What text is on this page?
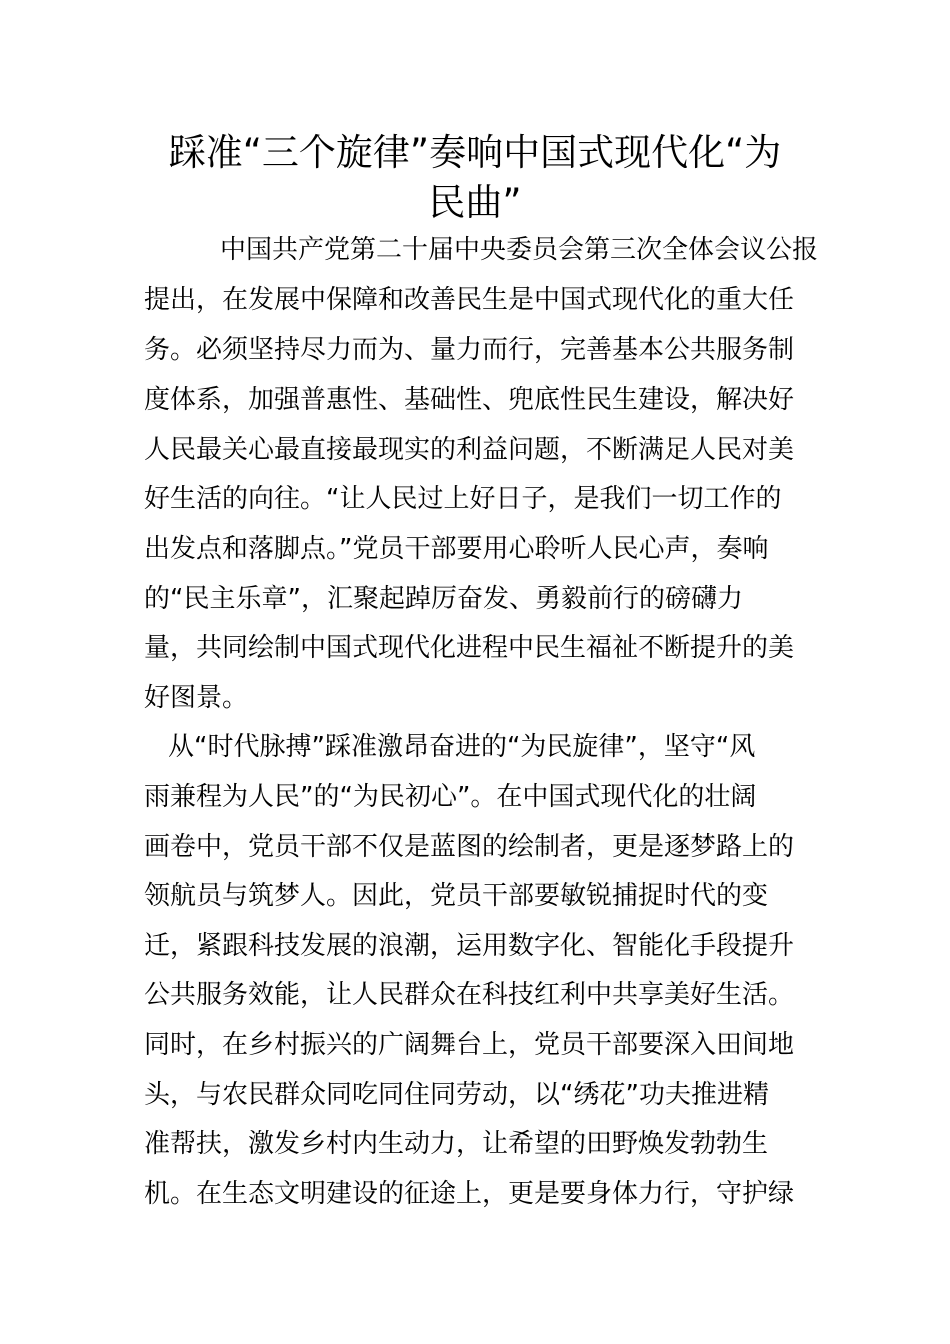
踩准“三个旋律”奏响中国式现代化“为
民曲”
中国共产党第二十届中央委员会第三次全体会议公报
提出，在发展中保障和改善民生是中国式现代化的重大任
务。必须坚持尽力而为、量力而行，完善基本公共服务制
度体系，加强普惠性、基础性、兜底性民生建设，解决好
人民最关心最直接最现实的利益问题，不断满足人民对美
好生活的向往。“让人民过上好日子，是我们一切工作的
出发点和落脚点。”党员干部要用心聆听人民心声，奏响
的“民主乐章”，汇聚起踔厉奋发、勇毅前行的磅礴力
量，共同绘制中国式现代化进程中民生福祉不断提升的美
好图景。
从“时代脉搏”踩准激昂奋进的“为民旋律”，坚守“风
雨兼程为人民”的“为民初心”。在中国式现代化的壮阔
画卷中，党员干部不仅是蓝图的绘制者，更是逐梦路上的
领航员与筑梦人。因此，党员干部要敏锐捕捉时代的变
迁，紧跟科技发展的浪潮，运用数字化、智能化手段提升
公共服务效能，让人民群众在科技红利中共享美好生活。
同时，在乡村振兴的广阔舞台上，党员干部要深入田间地
头，与农民群众同吃同住同劳动，以“绣花”功夫推进精
准帮扶，激发乡村内生动力，让希望的田野焕发勃勃生
机。在生态文明建设的征途上，更是要身体力行，守护绿
